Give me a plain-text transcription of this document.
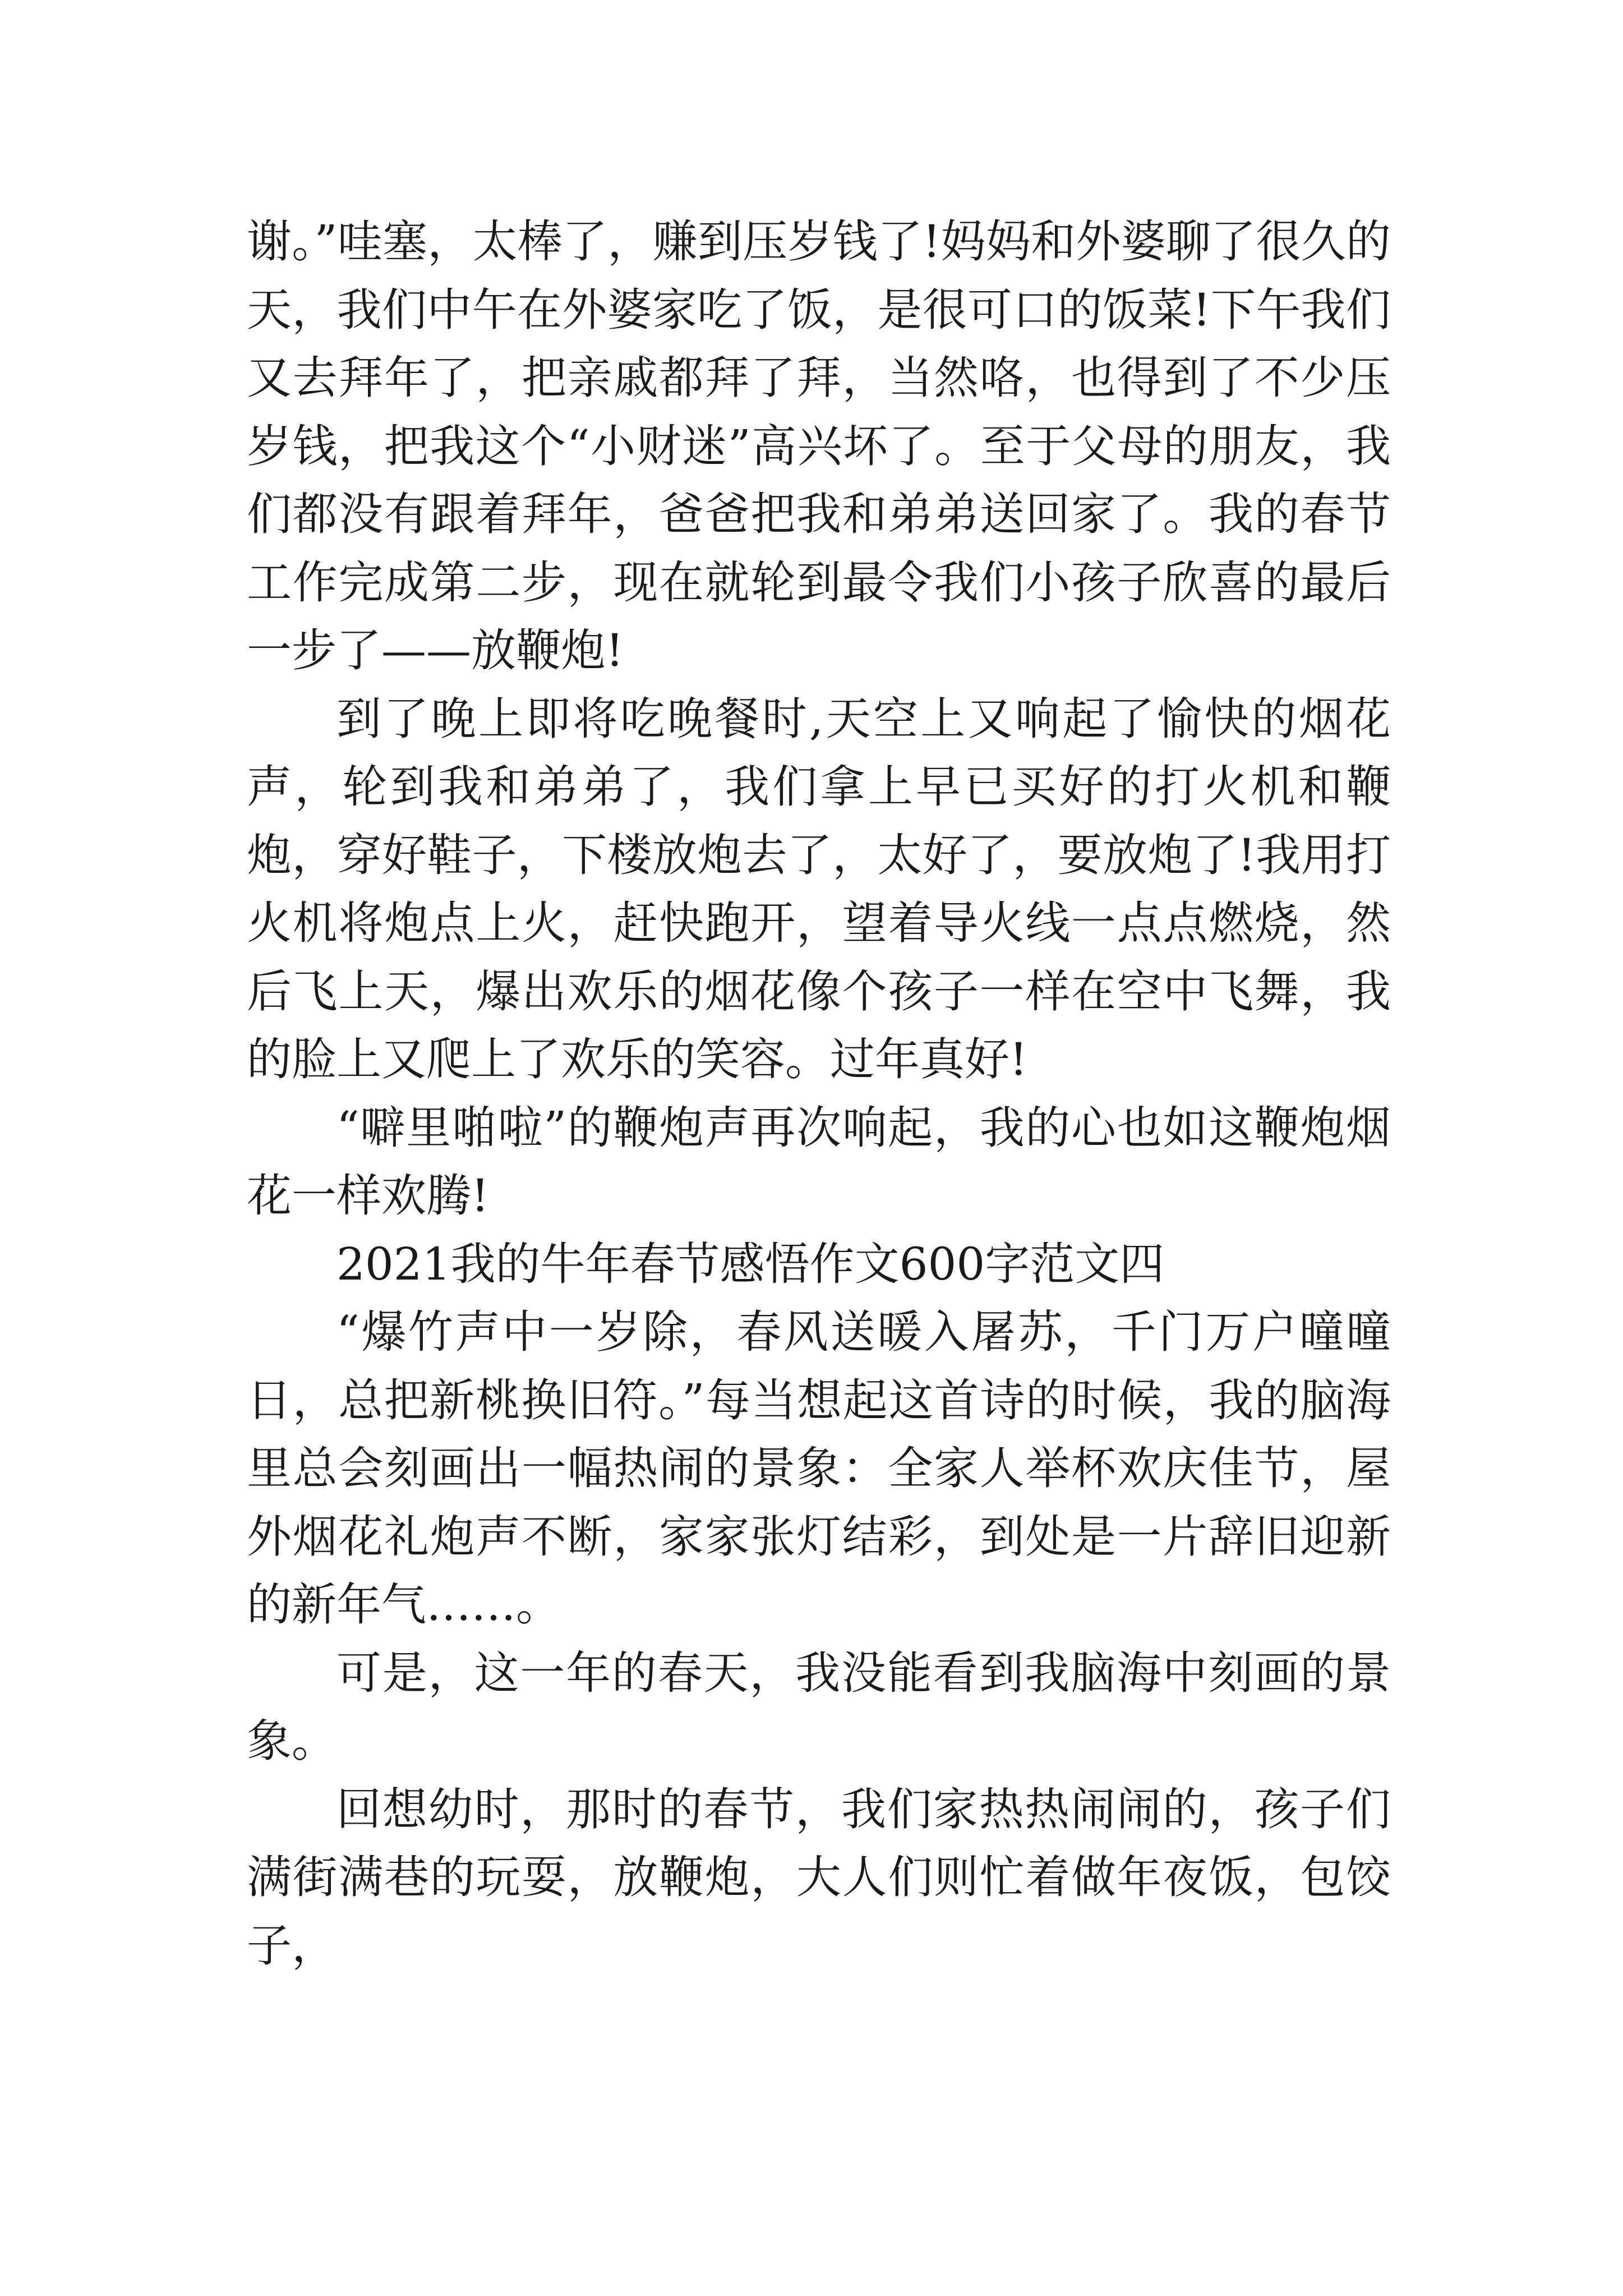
谢。”哇塞，太棒了，赚到压岁钱了!妈妈和外婆聊了很久的天，我们中午在外婆家吃了饭，是很可口的饭菜!下午我们又去拜年了，把亲戚都拜了拜，当然咯，也得到了不少压岁钱，把我这个“小财迷”高兴坏了。至于父母的朋友，我们都没有跟着拜年，爸爸把我和弟弟送回家了。我的春节工作完成第二步，现在就轮到最令我们小孩子欣喜的最后一步了——放鞭炮!

到了晚上即将吃晚餐时,天空上又响起了愉快的烟花声，轮到我和弟弟了，我们拿上早已买好的打火机和鞭炮，穿好鞋子，下楼放炮去了，太好了，要放炮了!我用打火机将炮点上火，赶快跑开，望着导火线一点点燃烧，然后飞上天，爆出欢乐的烟花像个孩子一样在空中飞舞，我的脸上又爬上了欢乐的笑容。过年真好!

“噼里啪啦”的鞭炮声再次响起，我的心也如这鞭炮烟花一样欢腾!

2021我的牛年春节感悟作文600字范文四

“爆竹声中一岁除，春风送暖入屠苏，千门万户曈曈日，总把新桃换旧符。”每当想起这首诗的时候，我的脑海里总会刻画出一幅热闹的景象：全家人举杯欢庆佳节，屋外烟花礼炮声不断，家家张灯结彩，到处是一片辞旧迎新的新年气……。

可是，这一年的春天，我没能看到我脑海中刻画的景象。

回想幼时，那时的春节，我们家热热闹闹的，孩子们满街满巷的玩耍，放鞭炮，大人们则忙着做年夜饭，包饺子，
